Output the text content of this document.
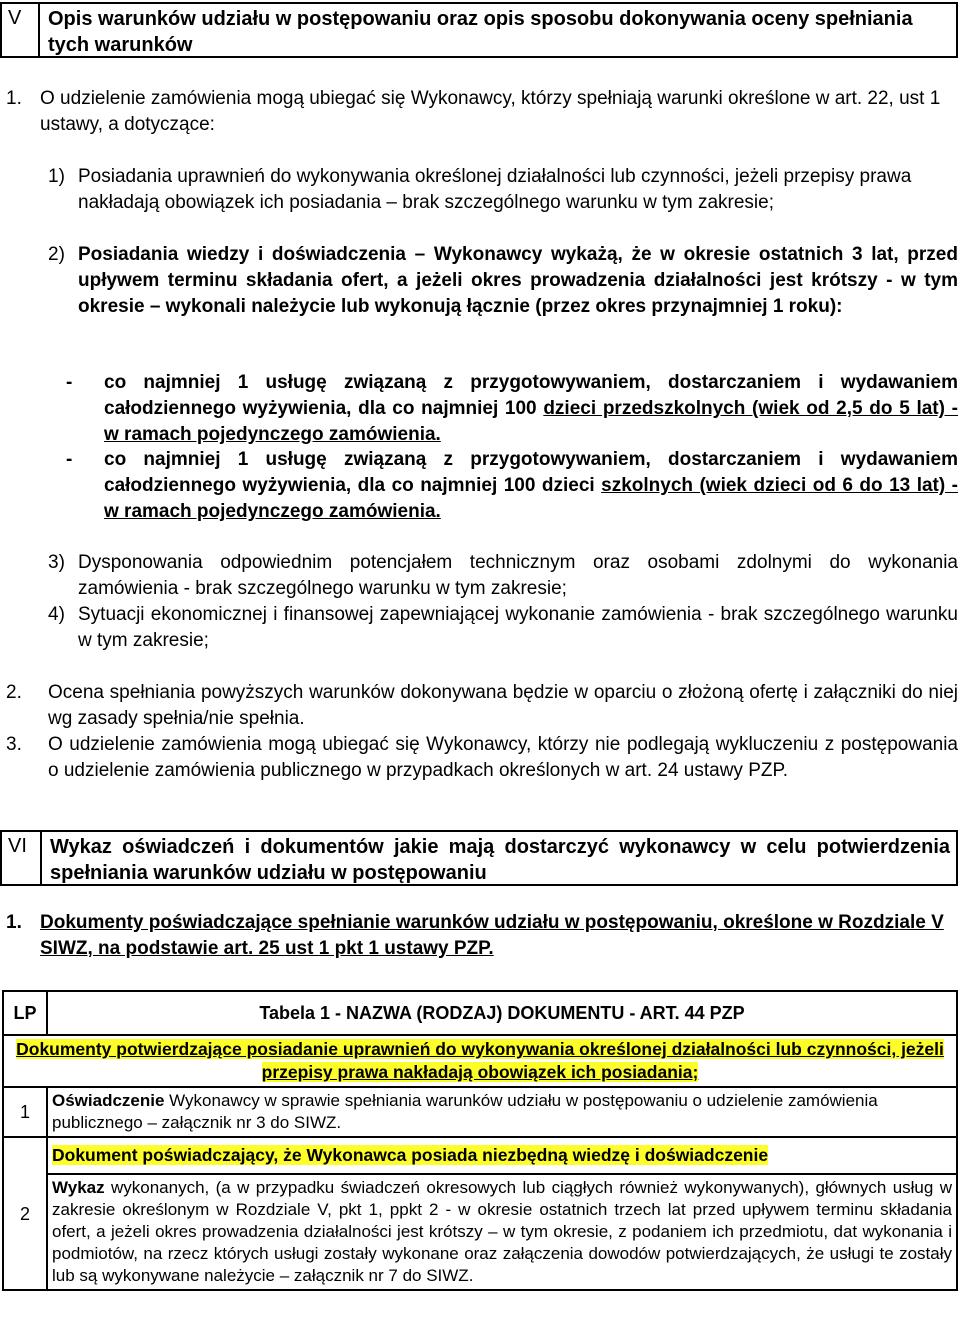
V	Opis warunków udziału w postępowaniu oraz opis sposobu dokonywania oceny spełniania tych warunków
1. O udzielenie zamówienia mogą ubiegać się Wykonawcy, którzy spełniają warunki określone w art. 22, ust 1 ustawy, a dotyczące:
1) Posiadania uprawnień do wykonywania określonej działalności lub czynności, jeżeli przepisy prawa nakładają obowiązek ich posiadania – brak szczególnego warunku w tym zakresie;
2) Posiadania wiedzy i doświadczenia – Wykonawcy wykażą, że w okresie ostatnich 3 lat, przed upływem terminu składania ofert, a jeżeli okres prowadzenia działalności jest krótszy - w tym okresie – wykonali należycie lub wykonują łącznie (przez okres przynajmniej 1 roku):
- co najmniej 1 usługę związaną z przygotowywaniem, dostarczaniem i wydawaniem całodziennego wyżywienia, dla co najmniej 100 dzieci przedszkolnych (wiek od 2,5 do 5 lat) - w ramach pojedynczego zamówienia.
- co najmniej 1 usługę związaną z przygotowywaniem, dostarczaniem i wydawaniem całodziennego wyżywienia, dla co najmniej 100 dzieci szkolnych (wiek dzieci od 6 do 13 lat) - w ramach pojedynczego zamówienia.
3) Dysponowania odpowiednim potencjałem technicznym oraz osobami zdolnymi do wykonania zamówienia - brak szczególnego warunku w tym zakresie;
4) Sytuacji ekonomicznej i finansowej zapewniającej wykonanie zamówienia - brak szczególnego warunku w tym zakresie;
2. Ocena spełniania powyższych warunków dokonywana będzie w oparciu o złożoną ofertę i załączniki do niej wg zasady spełnia/nie spełnia.
3. O udzielenie zamówienia mogą ubiegać się Wykonawcy, którzy nie podlegają wykluczeniu z postępowania o udzielenie zamówienia publicznego w przypadkach określonych w art. 24 ustawy PZP.
VI	Wykaz oświadczeń i dokumentów jakie mają dostarczyć wykonawcy w celu potwierdzenia spełniania warunków udziału w postępowaniu
1. Dokumenty poświadczające spełnianie warunków udziału w postępowaniu, określone w Rozdziale V SIWZ, na podstawie art. 25 ust 1 pkt 1 ustawy PZP.
LP	Tabela 1 - NAZWA (RODZAJ) DOKUMENTU - ART. 44 PZP
Dokumenty potwierdzające posiadanie uprawnień do wykonywania określonej działalności lub czynności, jeżeli przepisy prawa nakładają obowiązek ich posiadania;	
1	Oświadczenie Wykonawcy w sprawie spełniania warunków udziału w postępowaniu o udzielenie zamówienia publicznego – załącznik nr 3 do SIWZ.
2	Dokument poświadczający, że Wykonawca posiada niezbędną wiedzę i doświadczenie
	Wykaz wykonanych, (a w przypadku świadczeń okresowych lub ciągłych również wykonywanych), głównych usług w zakresie określonym w Rozdziale V, pkt 1, ppkt 2 - w okresie ostatnich trzech lat przed upływem terminu składania ofert, a jeżeli okres prowadzenia działalności jest krótszy – w tym okresie, z podaniem ich przedmiotu, dat wykonania i podmiotów, na rzecz których usługi zostały wykonane oraz załączenia dowodów potwierdzających, że usługi te zostały lub są wykonywane należycie – załącznik nr 7 do SIWZ.
